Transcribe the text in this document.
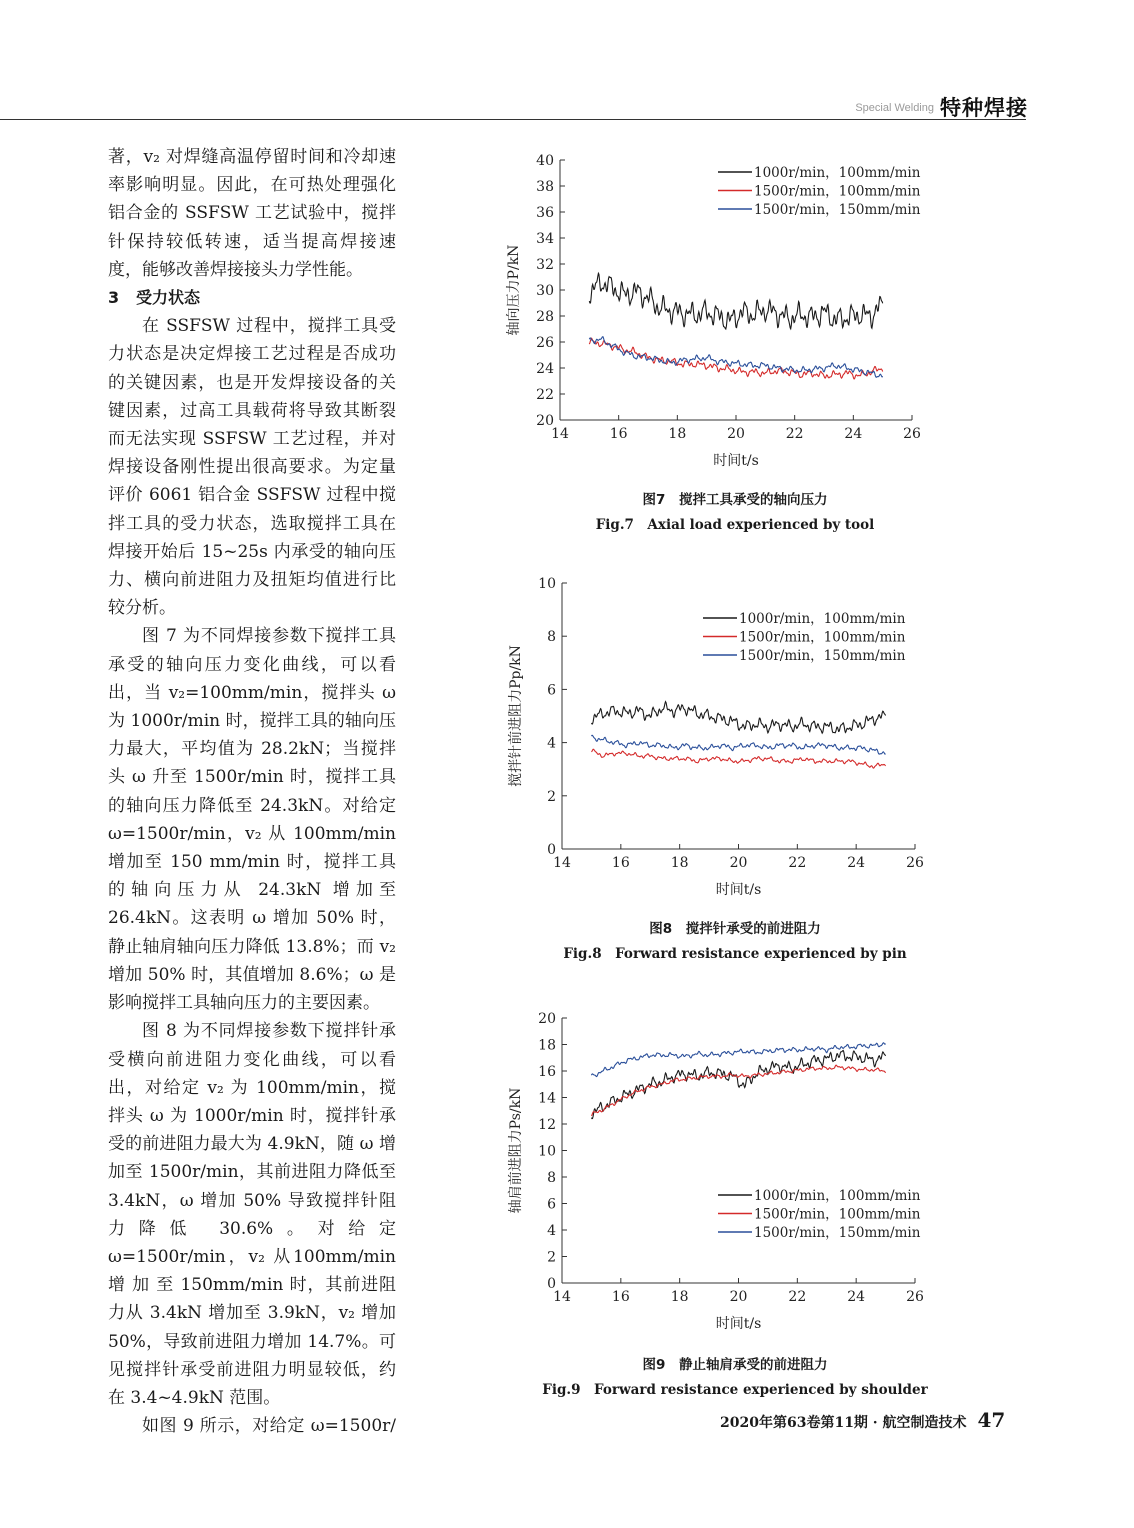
Special Welding 特种焊接

著，v₂ 对焊缝高温停留时间和冷却速率影响明显。因此，在可热处理强化铝合金的 SSFSW 工艺试验中，搅拌针保持较低转速，适当提高焊接速度，能够改善焊接接头力学性能。

3 受力状态

在 SSFSW 过程中，搅拌工具受力状态是决定焊接工艺过程是否成功的关键因素，也是开发焊接设备的关键因素，过高工具载荷将导致其断裂而无法实现 SSFSW 工艺过程，并对焊接设备刚性提出很高要求。为定量评价 6061 铝合金 SSFSW 过程中搅拌工具的受力状态，选取搅拌工具在焊接开始后 15~25s 内承受的轴向压力、横向前进阻力及扭矩均值进行比较分析。

图 7 为不同焊接参数下搅拌工具承受的轴向压力变化曲线，可以看出，当 v₂=100mm/min，搅拌头 ω 为 1000r/min 时，搅拌工具的轴向压力最大，平均值为 28.2kN；当搅拌头 ω 升至 1500r/min 时，搅拌工具的轴向压力降低至 24.3kN。对给定 ω=1500r/min，v₂ 从 100mm/min 增加至 150 mm/min 时，搅拌工具的轴向压力从 24.3kN 增加至 26.4kN。这表明 ω 增加 50% 时，静止轴肩轴向压力降低 13.8%；而 v₂ 增加 50% 时，其值增加 8.6%；ω 是影响搅拌工具轴向压力的主要因素。

图 8 为不同焊接参数下搅拌针承受横向前进阻力变化曲线，可以看出，对给定 v₂ 为 100mm/min，搅拌头 ω 为 1000r/min 时，搅拌针承受的前进阻力最大为 4.9kN，随 ω 增加至 1500r/min，其前进阻力降低至 3.4kN，ω 增加 50% 导致搅拌针阻力降低 30.6%。对给定 ω=1500r/min，v₂ 从100mm/min 增 加 至 150mm/min 时，其前进阻力从 3.4kN 增加至 3.9kN，v₂ 增加 50%，导致前进阻力增加 14.7%。可见搅拌针承受前进阻力明显较低，约在 3.4~4.9kN 范围。

如图 9 所示，对给定 ω=1500r/

20
22
24
26
28
30
32
34
36
38
40
14	16	18	20	22	24	26
时间t/s
轴向压力P/kN
1000r/min，100mm/min
1500r/min，100mm/min
1500r/min，150mm/min
0
2
4
6
8
10
14	16	18	20	22	24	26
时间t/s
搅拌针前进阻力Pp/kN
1000r/min，100mm/min
1500r/min，100mm/min
1500r/min，150mm/min
0
2
4
6
8
10
12
14
16
18
20
14	16	18	20	22	24	26
时间t/s
轴肩前进阻力Ps/kN	1000r/min，100mm/min
1500r/min，100mm/min
1500r/min，150mm/min
图7　搅拌工具承受的轴向压力
Fig.7　Axial load experienced by tool
图8　搅拌针承受的前进阻力
Fig.8　Forward resistance experienced by pin
图9　静止轴肩承受的前进阻力
Fig.9　Forward resistance experienced by shoulder
2020年第63卷第11期 · 航空制造技术 47
